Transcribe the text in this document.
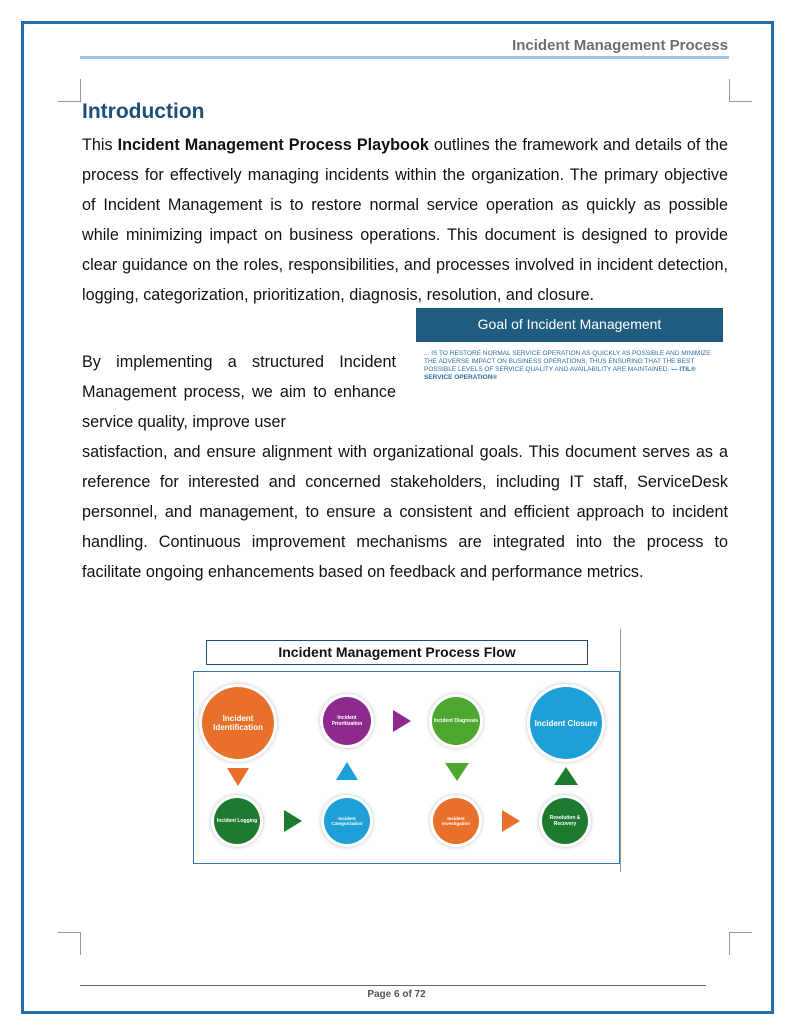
Incident Management Process
Introduction
This Incident Management Process Playbook outlines the framework and details of the process for effectively managing incidents within the organization. The primary objective of Incident Management is to restore normal service operation as quickly as possible while minimizing impact on business operations. This document is designed to provide clear guidance on the roles, responsibilities, and processes involved in incident detection, logging, categorization, prioritization, diagnosis, resolution, and closure.
By implementing a structured Incident Management process, we aim to enhance service quality, improve user
Goal of Incident Management
... IS TO RESTORE NORMAL SERVICE OPERATION AS QUICKLY AS POSSIBLE AND MINIMIZE THE ADVERSE IMPACT ON BUSINESS OPERATIONS, THUS ENSURING THAT THE BEST POSSIBLE LEVELS OF SERVICE QUALITY AND AVAILABILITY ARE MAINTAINED. — ITIL® SERVICE OPERATION®
satisfaction, and ensure alignment with organizational goals. This document serves as a reference for interested and concerned stakeholders, including IT staff, ServiceDesk personnel, and management, to ensure a consistent and efficient approach to incident handling. Continuous improvement mechanisms are integrated into the process to facilitate ongoing enhancements based on feedback and performance metrics.
Incident Management Process Flow
Incident Identification
Incident Prioritization	Incident Diagnosis	Incident Closure
Incident Logging	Incident Categorization
Incident Investigation
Resolution & Recovery
Page 6 of 72
